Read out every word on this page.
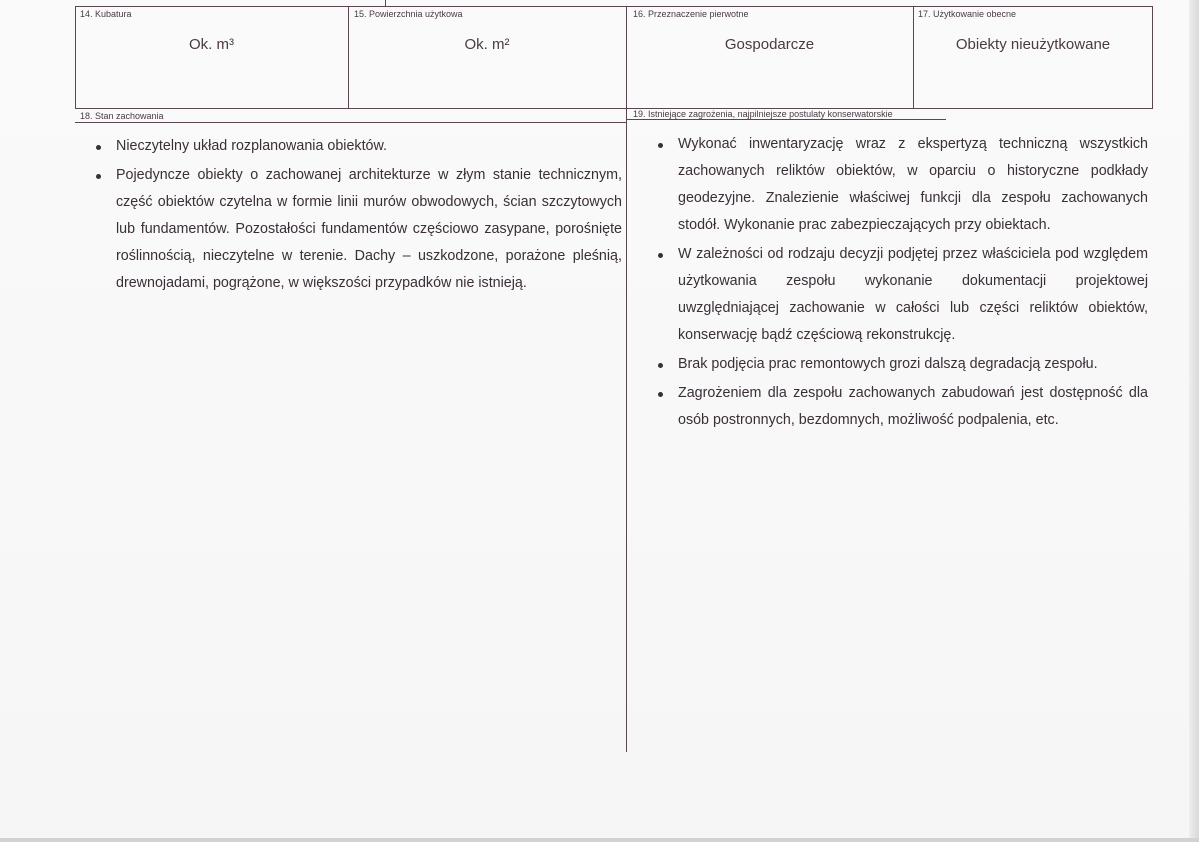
14. Kubatura
Ok. m³
15. Powierzchnia użytkowa
Ok. m²
16. Przeznaczenie pierwotne
Gospodarcze
17. Użytkowanie obecne
Obiekty nieużytkowane
18. Stan zachowania
Nieczytelny układ rozplanowania obiektów.
Pojedyncze obiekty o zachowanej architekturze w złym stanie technicznym, część obiektów czytelna w formie linii murów obwodowych, ścian szczytowych lub fundamentów. Pozostałości fundamentów częściowo zasypane, porośnięte roślinnością, nieczytelne w terenie. Dachy – uszkodzone, porażone pleśnią, drewnojadami, pogrążone, w większości przypadków nie istnieją.
19. Istniejące zagrożenia, najpilniejsze postulaty konserwatorskie
Wykonać inwentaryzację wraz z ekspertyzą techniczną wszystkich zachowanych reliktów obiektów, w oparciu o historyczne podkłady geodezyjne. Znalezienie właściwej funkcji dla zespołu zachowanych stodół. Wykonanie prac zabezpieczających przy obiektach.
W zależności od rodzaju decyzji podjętej przez właściciela pod względem użytkowania zespołu wykonanie dokumentacji projektowej uwzględniającej zachowanie w całości lub części reliktów obiektów, konserwację bądź częściową rekonstrukcję.
Brak podjęcia prac remontowych grozi dalszą degradacją zespołu.
Zagrożeniem dla zespołu zachowanych zabudowań jest dostępność dla osób postronnych, bezdomnych, możliwość podpalenia, etc.
